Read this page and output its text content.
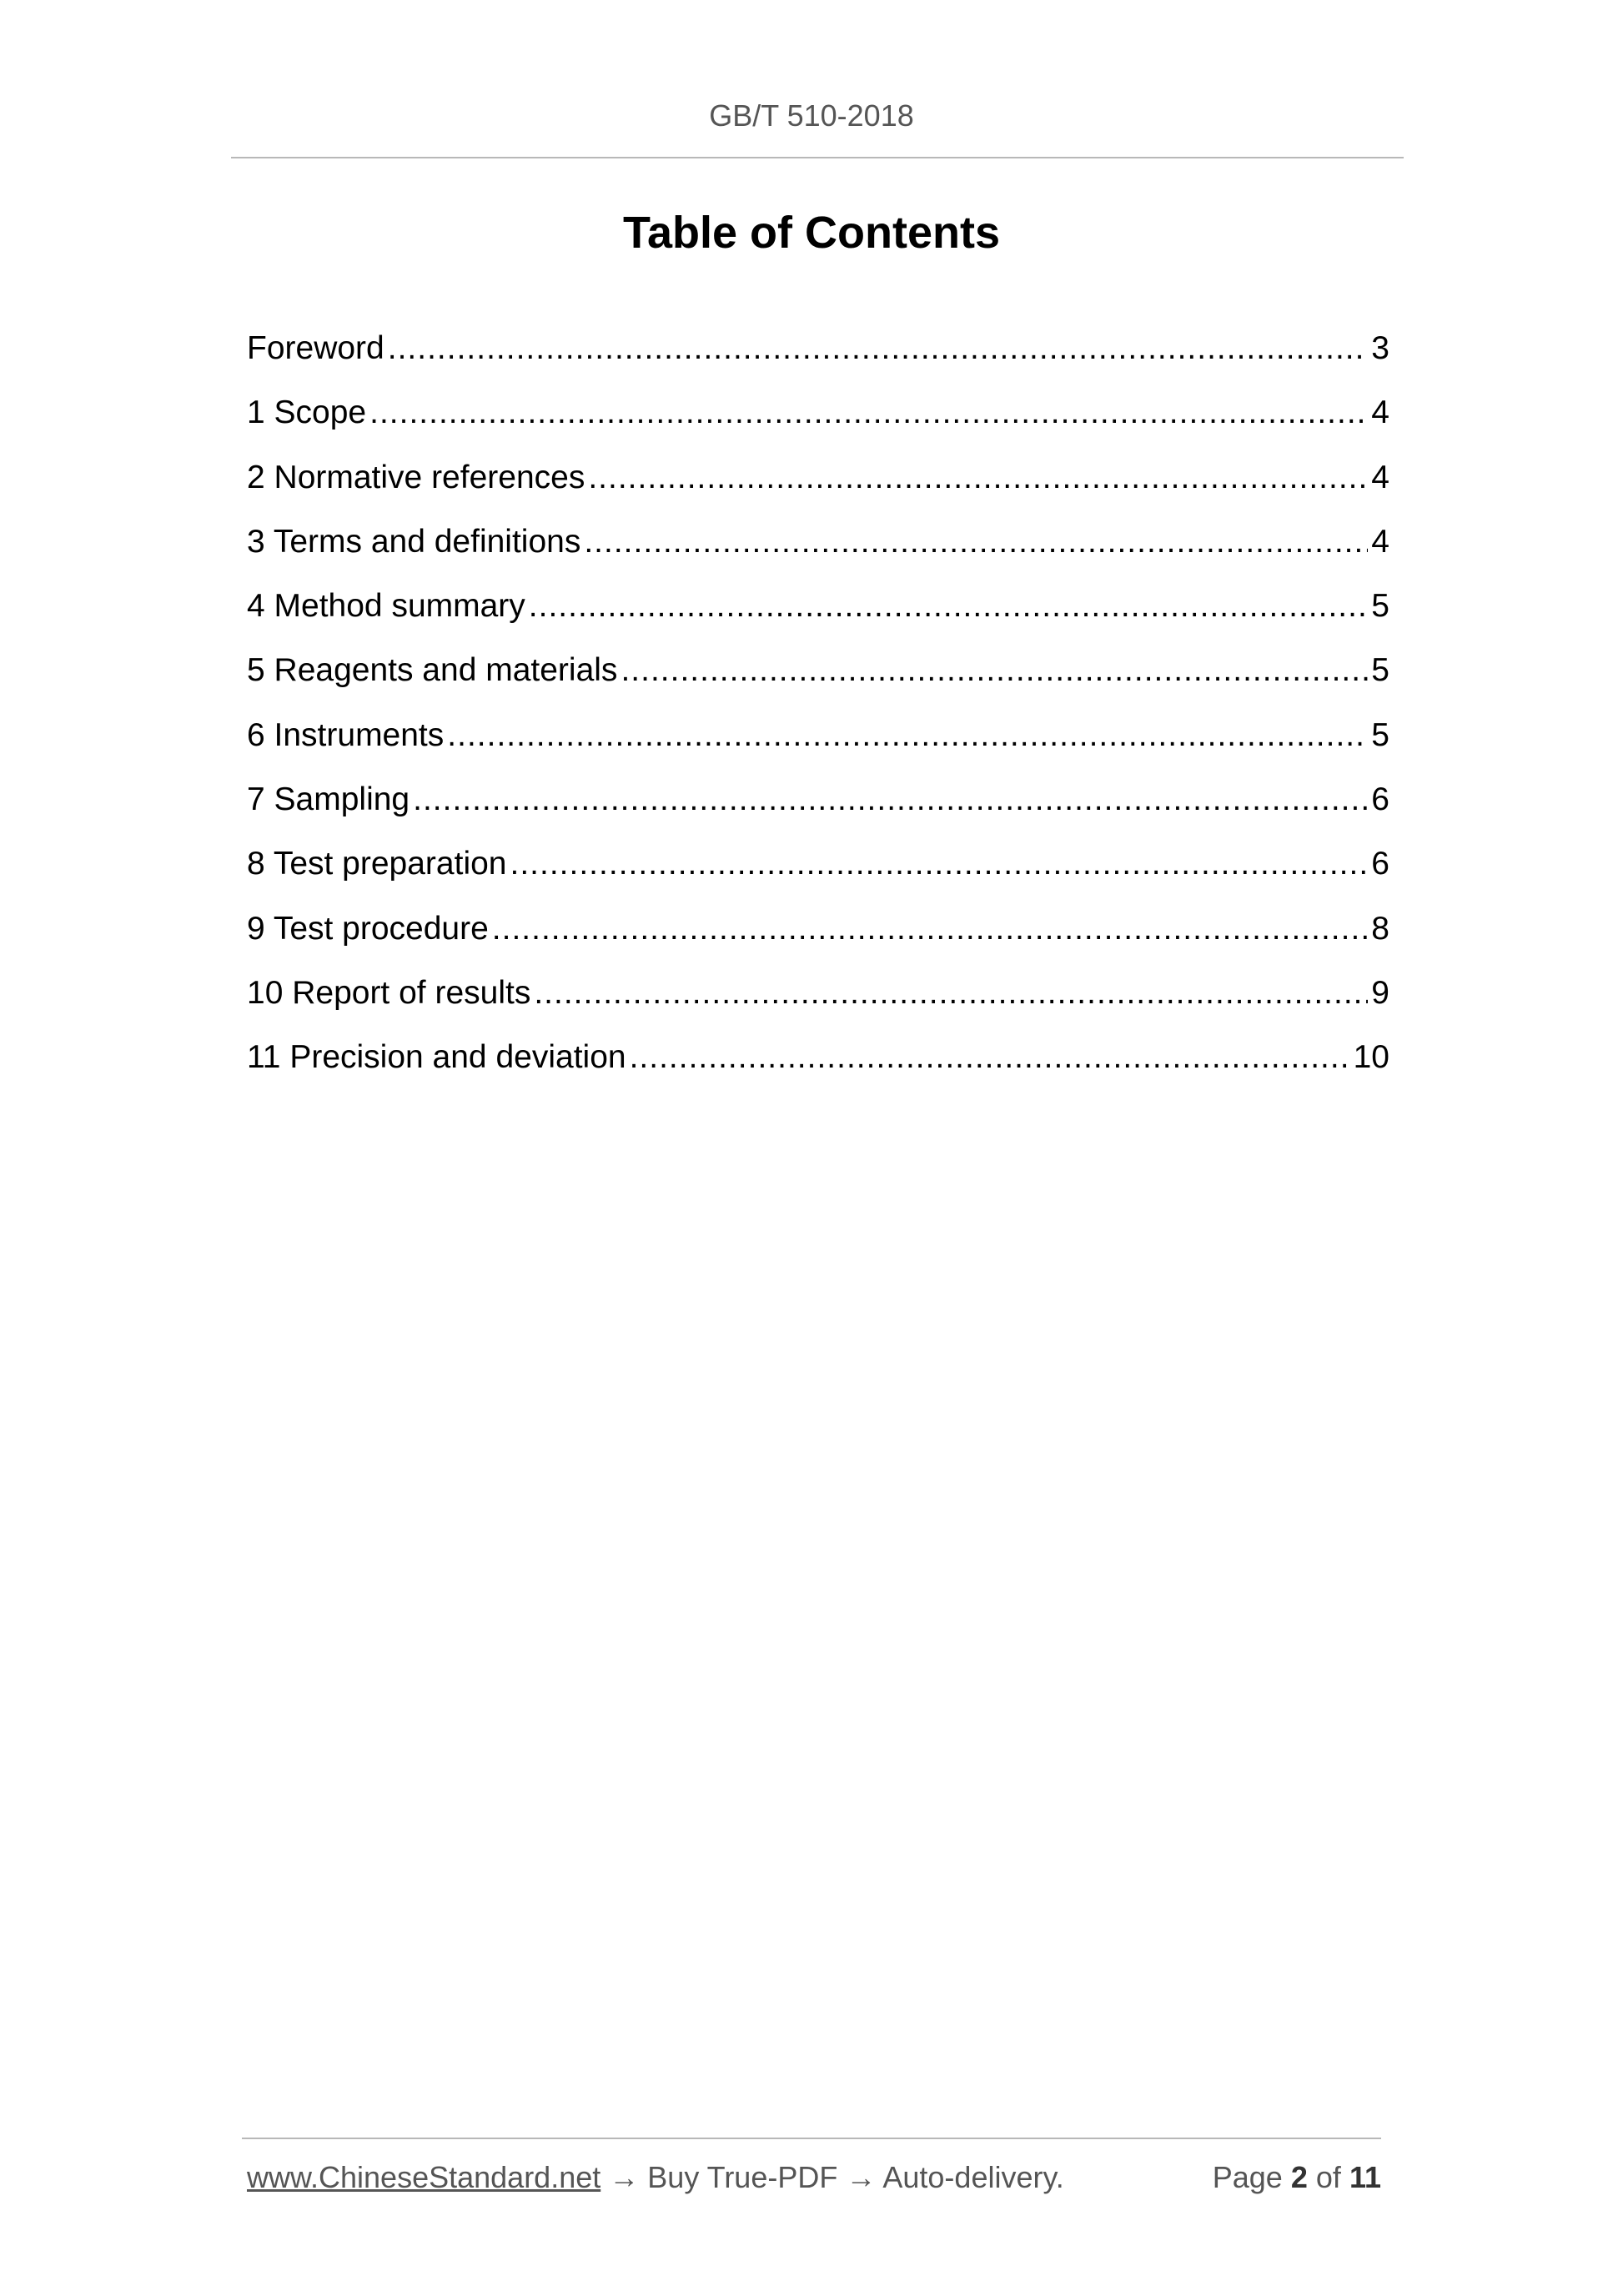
GB/T 510-2018
Table of Contents
Foreword .....	3
1 Scope .....	4
2 Normative references .....	4
3 Terms and definitions .....	4
4 Method summary .....	5
5 Reagents and materials .....	5
6 Instruments .....	5
7 Sampling .....	6
8 Test preparation .....	6
9 Test procedure .....	8
10 Report of results .....	9
11 Precision and deviation .....	10
www.ChineseStandard.net → Buy True-PDF → Auto-delivery.	Page 2 of 11
